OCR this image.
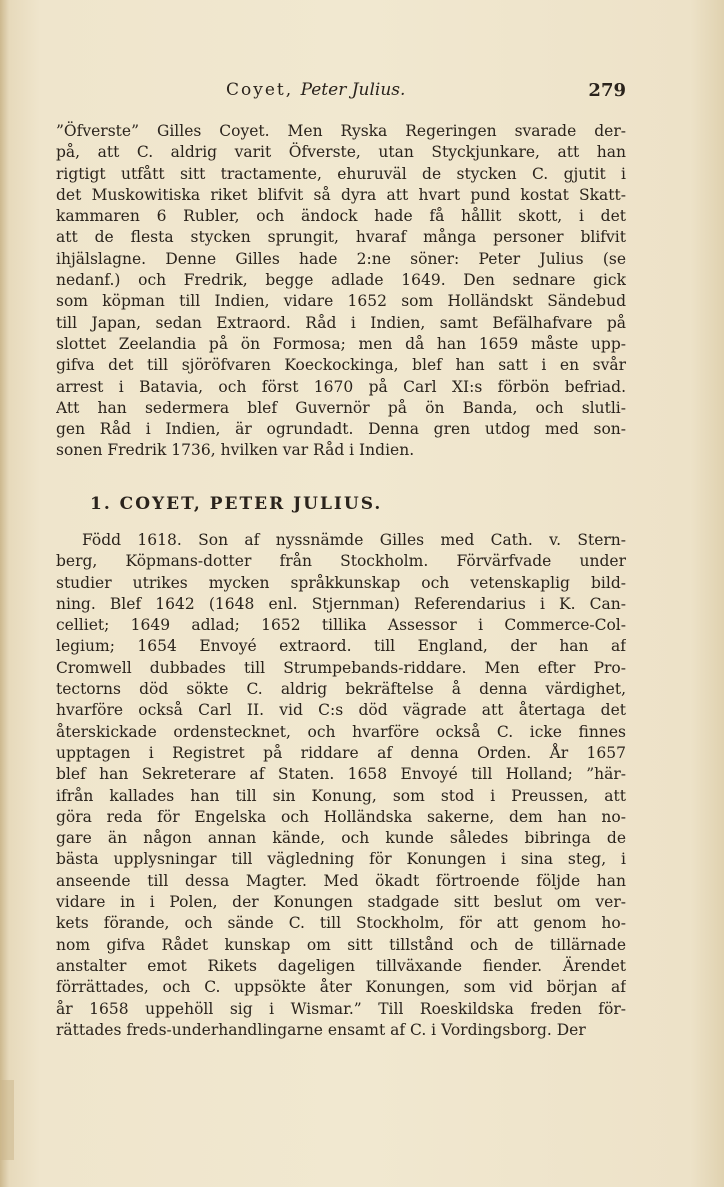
Coyet, Peter Julius.	279
”Öfverste” Gilles Coyet. Men Ryska Regeringen svarade der-
på, att C. aldrig varit Öfverste, utan Styckjunkare, att han
rigtigt utfått sitt tractamente, ehuruväl de stycken C. gjutit i
det Muskowitiska riket blifvit så dyra att hvart pund kostat Skatt-
kammaren 6 Rubler, och ändock hade få hållit skott, i det
att de flesta stycken sprungit, hvaraf många personer blifvit
ihjälslagne. Denne Gilles hade 2:ne söner: Peter Julius (se
nedanf.) och Fredrik, begge adlade 1649. Den sednare gick
som köpman till Indien, vidare 1652 som Holländskt Sändebud
till Japan, sedan Extraord. Råd i Indien, samt Befälhafvare på
slottet Zeelandia på ön Formosa; men då han 1659 måste upp-
gifva det till sjöröfvaren Koeckockinga, blef han satt i en svår
arrest i Batavia, och först 1670 på Carl XI:s förbön befriad.
Att han sedermera blef Guvernör på ön Banda, och slutli-
gen Råd i Indien, är ogrundadt. Denna gren utdog med son-
sonen Fredrik 1736, hvilken var Råd i Indien.
1. COYET, PETER JULIUS.
Född 1618. Son af nyssnämde Gilles med Cath. v. Stern-
berg, Köpmans-dotter från Stockholm. Förvärfvade under
studier utrikes mycken språkkunskap och vetenskaplig bild-
ning. Blef 1642 (1648 enl. Stjernman) Referendarius i K. Can-
celliet; 1649 adlad; 1652 tillika Assessor i Commerce-Col-
legium; 1654 Envoyé extraord. till England, der han af
Cromwell dubbades till Strumpebands-riddare. Men efter Pro-
tectorns död sökte C. aldrig bekräftelse å denna värdighet,
hvarföre också Carl II. vid C:s död vägrade att återtaga det
återskickade ordenstecknet, och hvarföre också C. icke finnes
upptagen i Registret på riddare af denna Orden. År 1657
blef han Sekreterare af Staten. 1658 Envoyé till Holland; ”här-
ifrån kallades han till sin Konung, som stod i Preussen, att
göra reda för Engelska och Holländska sakerne, dem han no-
gare än någon annan kände, och kunde således bibringa de
bästa upplysningar till vägledning för Konungen i sina steg, i
anseende till dessa Magter. Med ökadt förtroende följde han
vidare in i Polen, der Konungen stadgade sitt beslut om ver-
kets förande, och sände C. till Stockholm, för att genom ho-
nom gifva Rådet kunskap om sitt tillstånd och de tillärnade
anstalter emot Rikets dageligen tillväxande fiender. Ärendet
förrättades, och C. uppsökte åter Konungen, som vid början af
år 1658 uppehöll sig i Wismar.” Till Roeskildska freden för-
rättades freds-underhandlingarne ensamt af C. i Vordingsborg. Der
